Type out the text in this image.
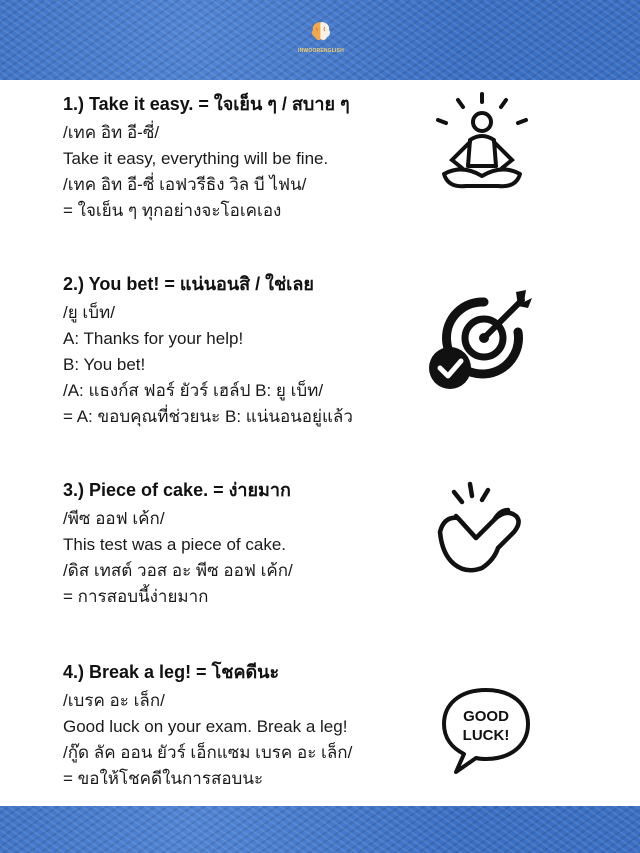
INWOORENGLISH

1.) Take it easy. = ใจเย็น ๆ / สบาย ๆ

/เทค อิท อี-ซี่/

Take it easy, everything will be fine.

/เทค อิท อี-ซี่ เอฟวรีธิง วิล บี ไฟน/

= ใจเย็น ๆ ทุกอย่างจะโอเคเอง

2.) You bet! = แน่นอนสิ / ใช่เลย

/ยู เบ็ท/

A: Thanks for your help!

B: You bet!

/A: แธงก์ส ฟอร์ ยัวร์ เฮล์ป B: ยู เบ็ท/

= A: ขอบคุณที่ช่วยนะ B: แน่นอนอยู่แล้ว

3.) Piece of cake. = ง่ายมาก

/พีซ ออฟ เค้ก/

This test was a piece of cake.

/ดิส เทสต์ วอส อะ พีซ ออฟ เค้ก/

= การสอบนี้ง่ายมาก

4.) Break a leg! = โชคดีนะ

/เบรค อะ เล็ก/

Good luck on your exam. Break a leg!

/กู๊ด ลัค ออน ยัวร์ เอ็กแซม เบรค อะ เล็ก/

= ขอให้โชคดีในการสอบนะ

GOOD
LUCK!
